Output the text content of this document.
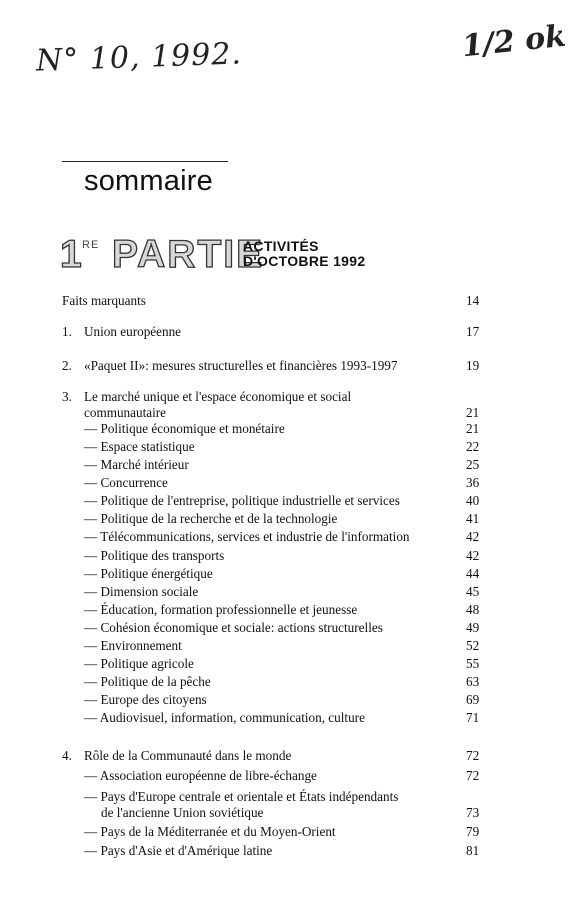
N° 10, 1992.	1/2 ok
sommaire
1
RE PARTIE
ACTIVITÉS
D'OCTOBRE 1992
Faits marquants	14
1. Union européenne	17
2. «Paquet II»: mesures structurelles et financières 1993-1997	19
3. Le marché unique et l'espace économique et social
communautaire	21
— Politique économique et monétaire	21
— Espace statistique	22
— Marché intérieur	25
— Concurrence	36
— Politique de l'entreprise, politique industrielle et services	40
— Politique de la recherche et de la technologie	41
— Télécommunications, services et industrie de l'information	42
— Politique des transports	42
— Politique énergétique	44
— Dimension sociale	45
— Éducation, formation professionnelle et jeunesse	48
— Cohésion économique et sociale: actions structurelles	49
— Environnement	52
— Politique agricole	55
— Politique de la pêche	63
— Europe des citoyens	69
— Audiovisuel, information, communication, culture	71
4. Rôle de la Communauté dans le monde	72
— Association européenne de libre-échange	72
— Pays d'Europe centrale et orientale et États indépendants
de l'ancienne Union soviétique	73
— Pays de la Méditerranée et du Moyen-Orient	79
— Pays d'Asie et d'Amérique latine	81
